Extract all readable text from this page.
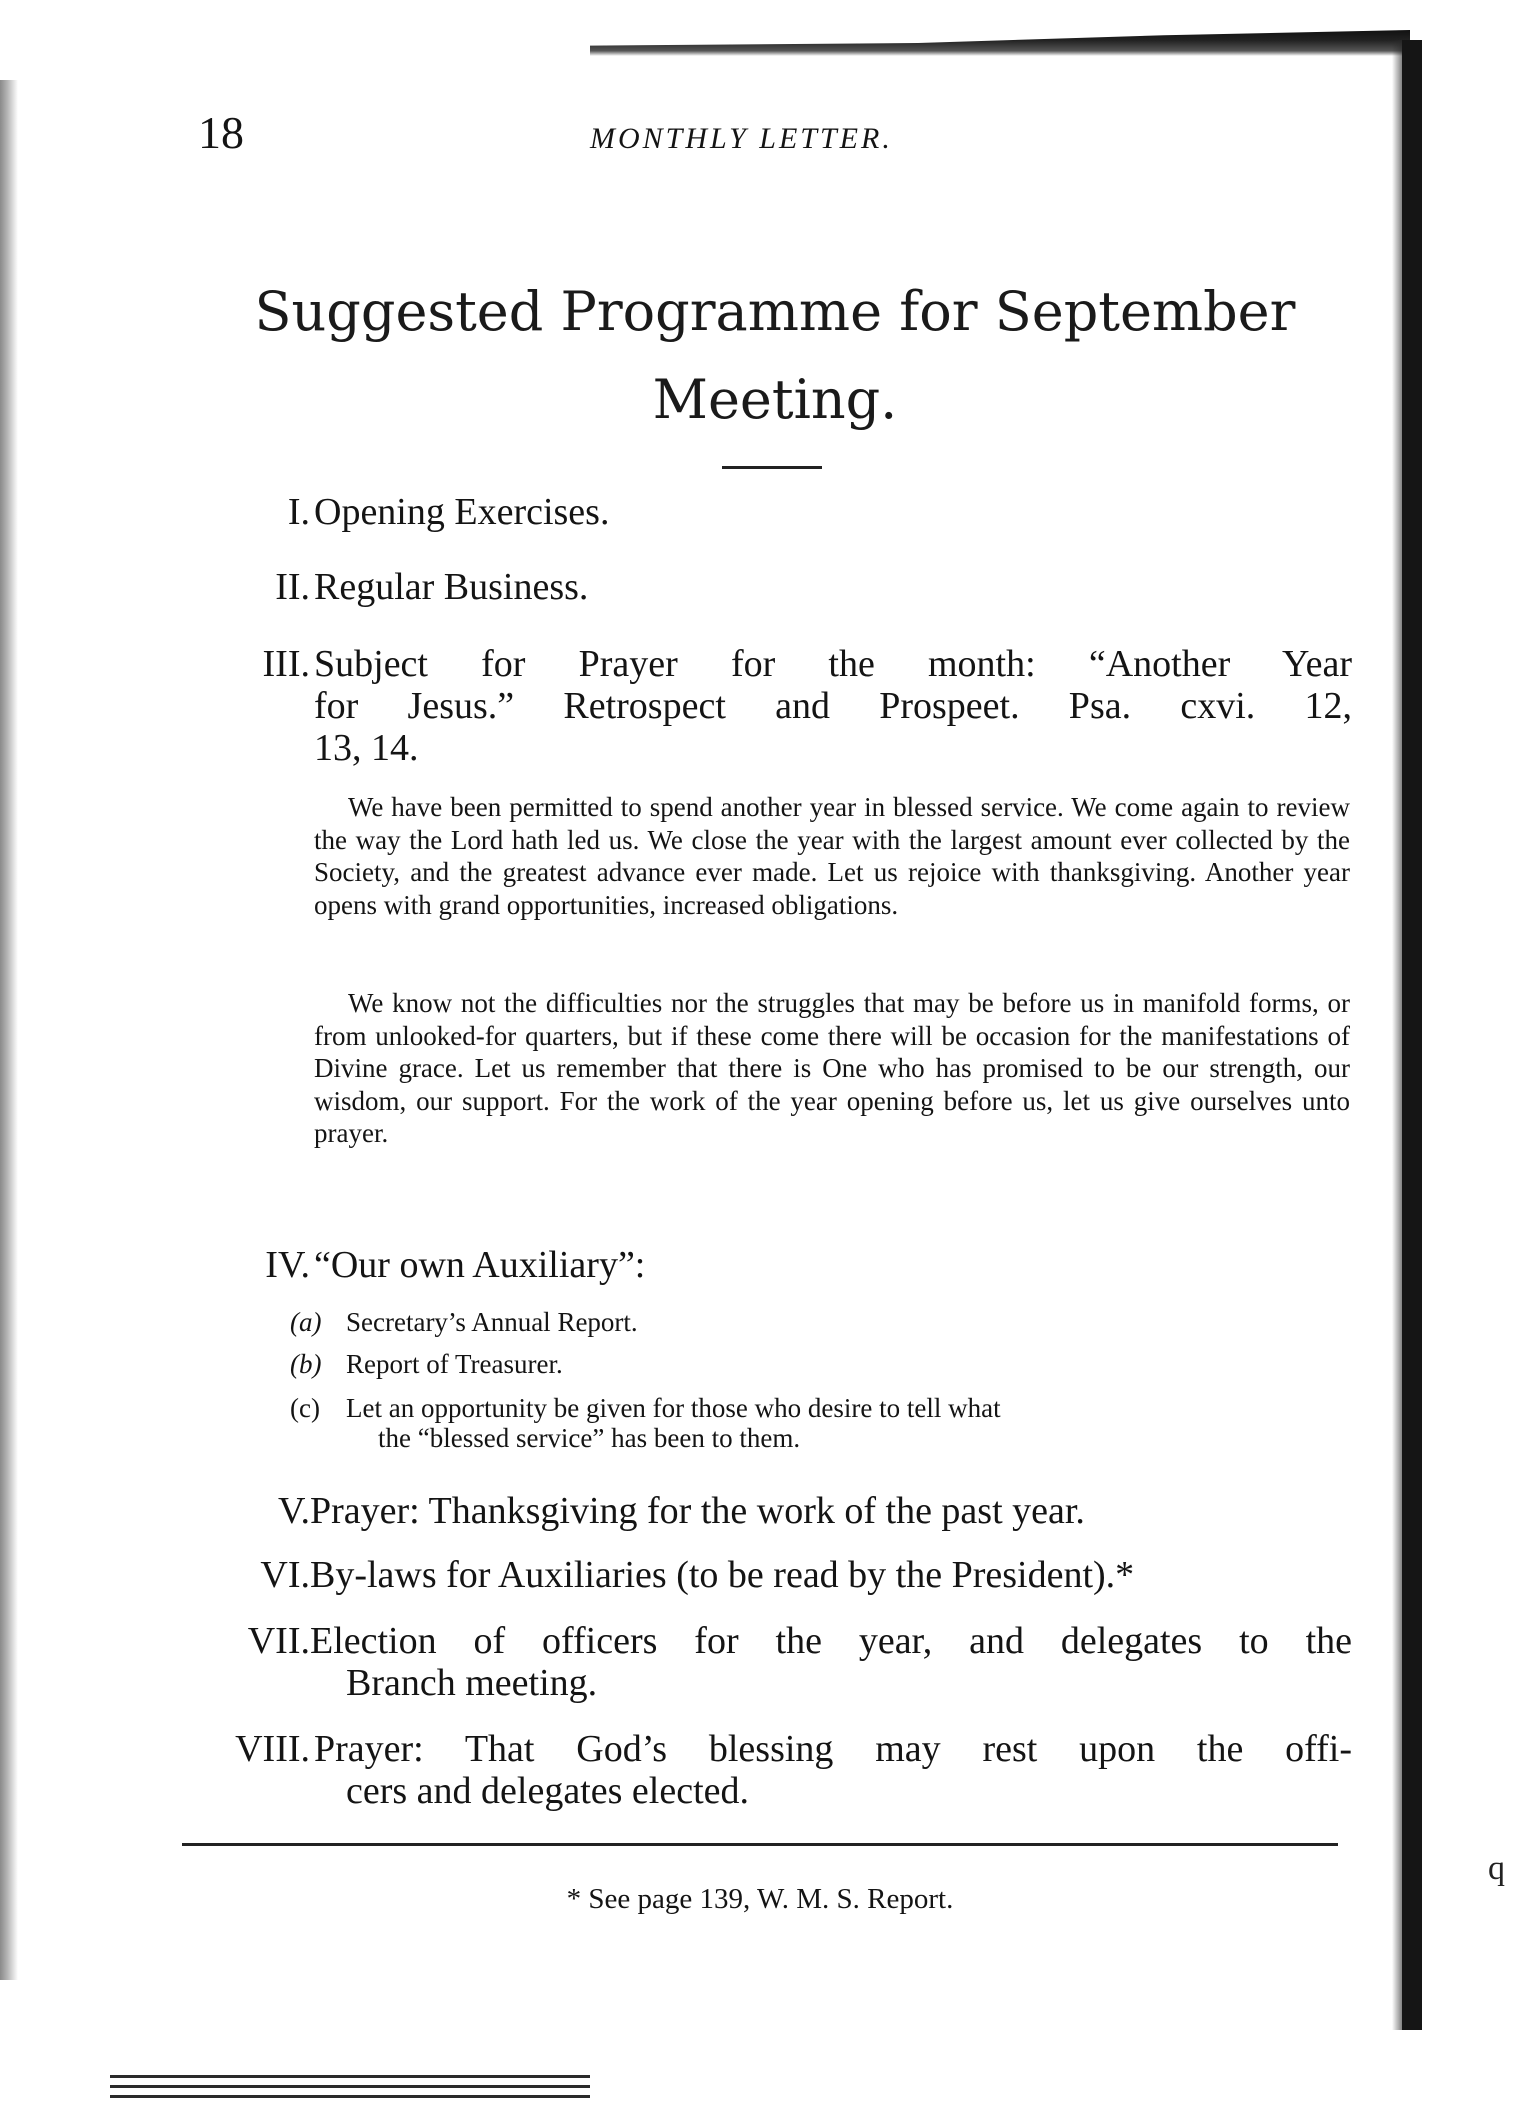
18	MONTHLY LETTER.
Suggested Programme for September
Meeting.
I. Opening Exercises.
II. Regular Business.
III. Subject for Prayer for the month: “Another Year
for Jesus.” Retrospect and Prospeet. Psa. cxvi. 12,
13, 14.
We have been permitted to spend another year in blessed service. We come again to review the way the Lord hath led us. We close the year with the largest amount ever collected by the Society, and the greatest advance ever made. Let us rejoice with thanksgiving. Another year opens with grand opportunities, increased obligations.
We know not the difficulties nor the struggles that may be before us in manifold forms, or from unlooked-for quarters, but if these come there will be occasion for the manifestations of Divine grace. Let us remember that there is One who has promised to be our strength, our wisdom, our support. For the work of the year opening before us, let us give ourselves unto prayer.
IV. “Our own Auxiliary”:
(a) Secretary’s Annual Report.
(b) Report of Treasurer.
(c) Let an opportunity be given for those who desire to tell what
the “blessed service” has been to them.
V. Prayer: Thanksgiving for the work of the past year.
VI. By-laws for Auxiliaries (to be read by the President).*
VII. Election of officers for the year, and delegates to the
Branch meeting.
VIII. Prayer: That God’s blessing may rest upon the offi-
cers and delegates elected.
* See page 139, W. M. S. Report.
q
